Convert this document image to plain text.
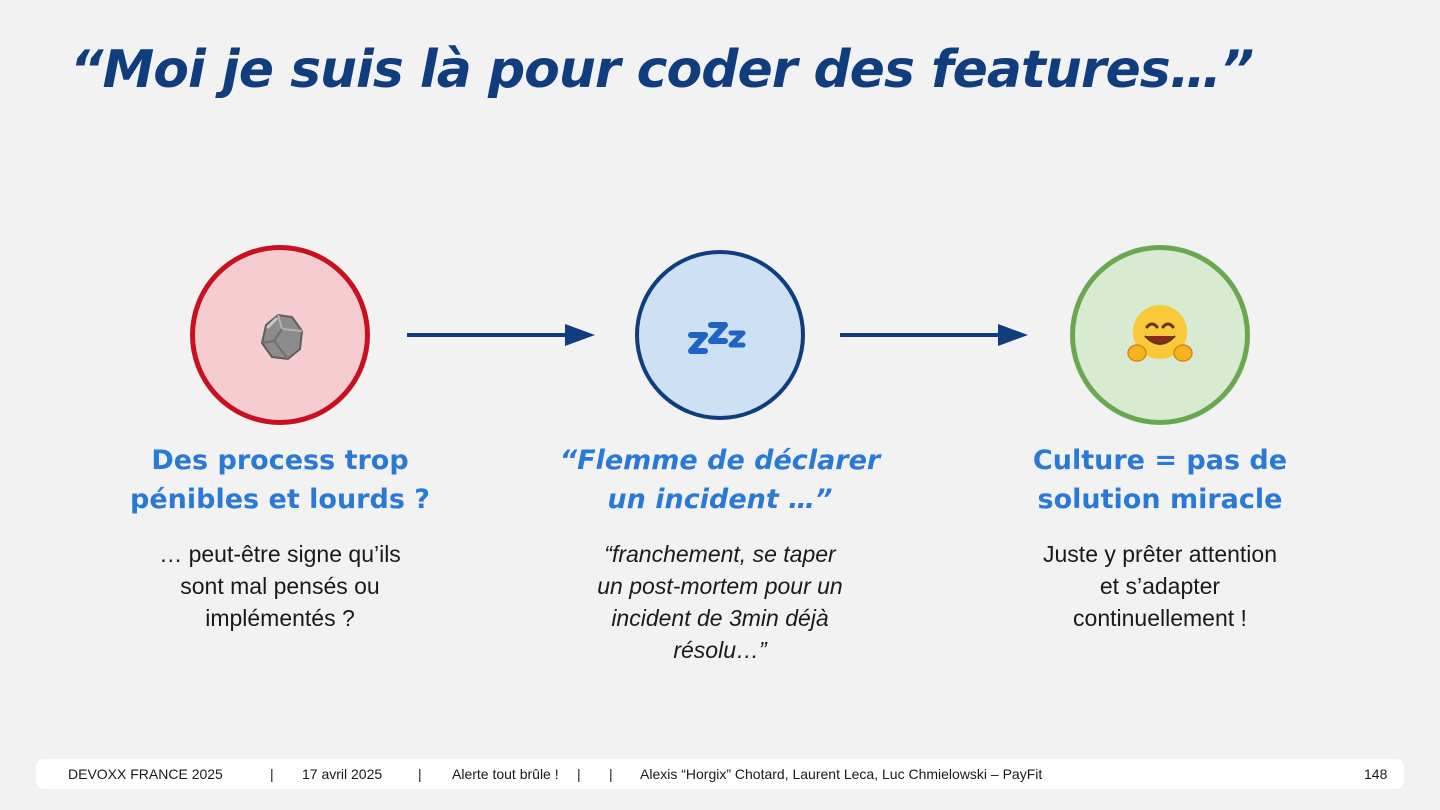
“Moi je suis là pour coder des features…”
Des process trop
pénibles et lourds ?
“Flemme de déclarer
un incident …”
Culture = pas de
solution miracle
… peut-être signe qu’ils
sont mal pensés ou
implémentés ?
“franchement, se taper
un post-mortem pour un
incident de 3min déjà
résolu…”
Juste y prêter attention
et s’adapter
continuellement !
DEVOXX FRANCE 2025	| 17 avril 2025	| Alerte tout brûle ! | | Alexis “Horgix” Chotard, Laurent Leca, Luc Chmielowski – PayFit	148
